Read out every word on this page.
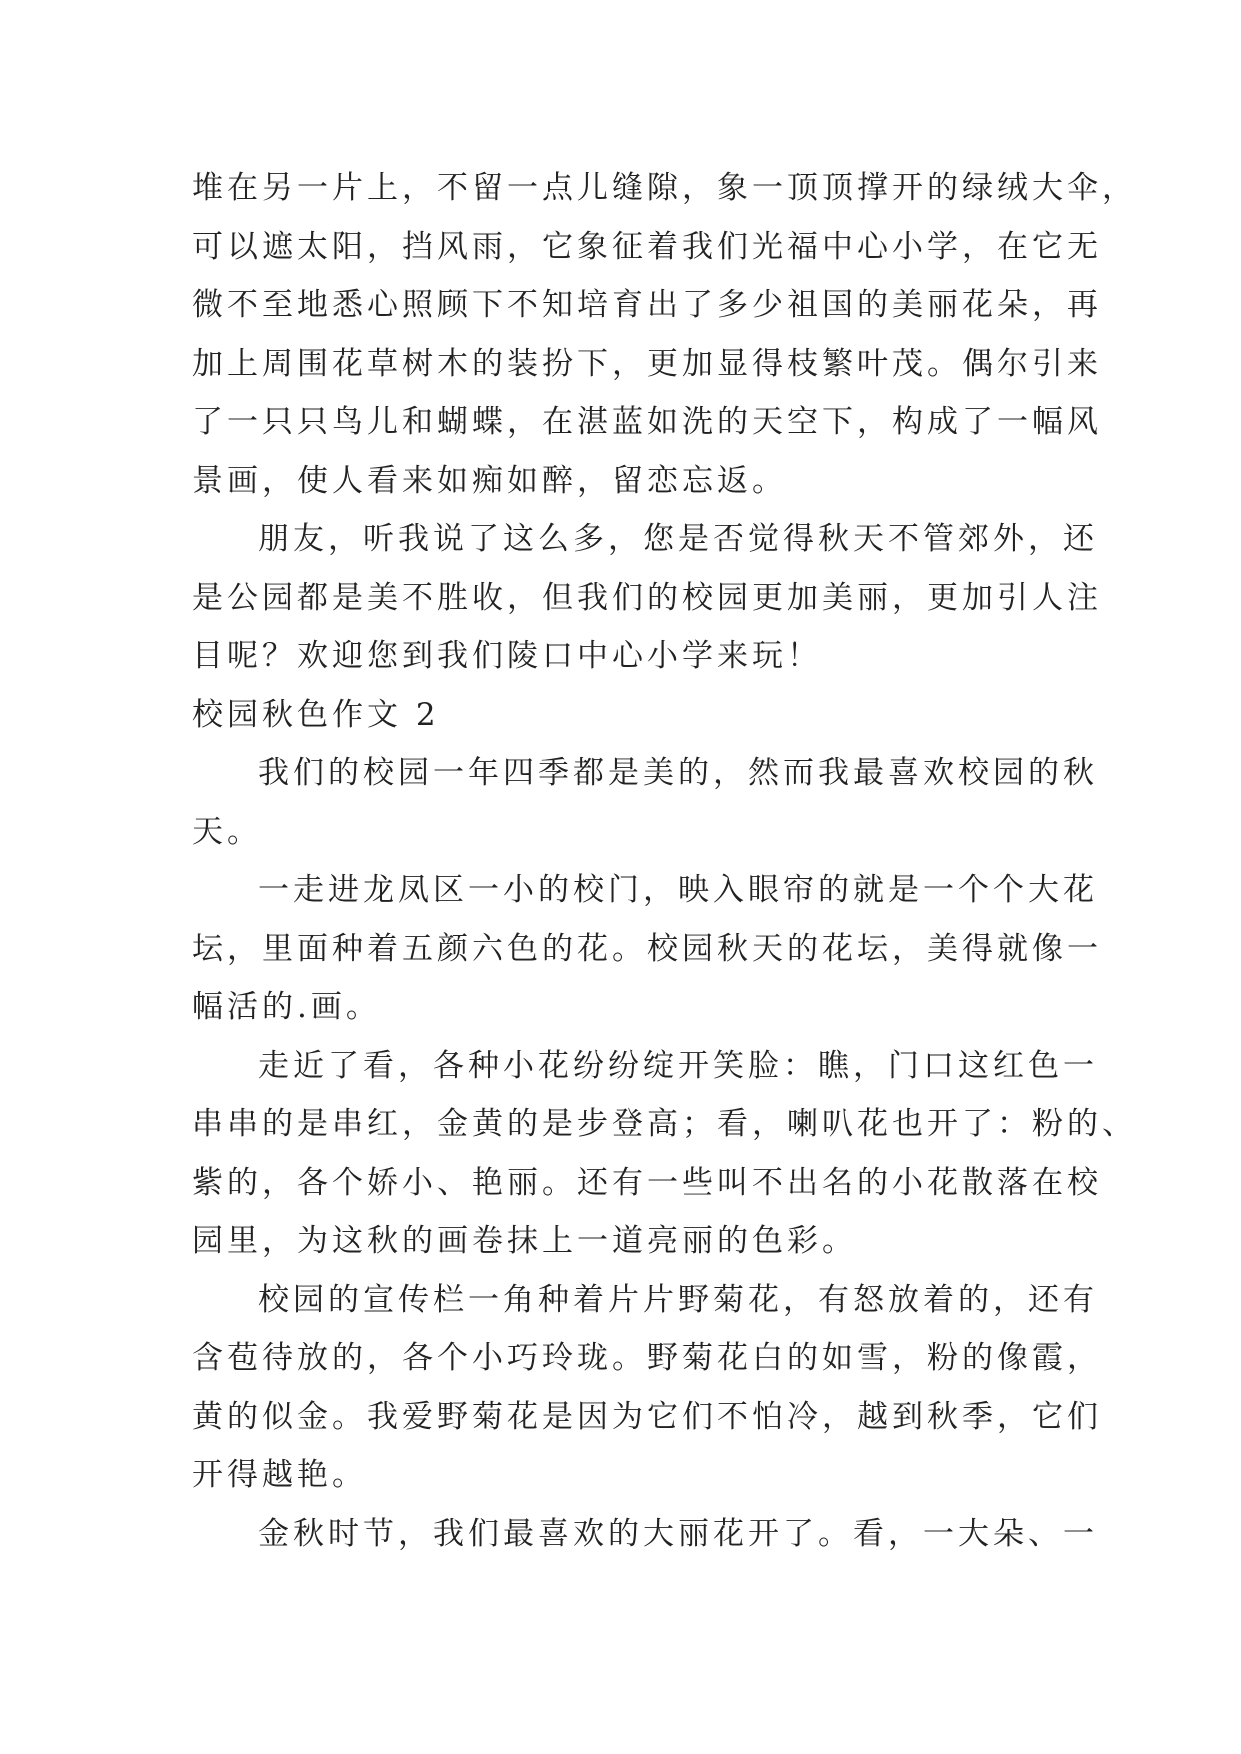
堆在另一片上，不留一点儿缝隙，象一顶顶撑开的绿绒大伞，
可以遮太阳，挡风雨，它象征着我们光福中心小学，在它无
微不至地悉心照顾下不知培育出了多少祖国的美丽花朵，再
加上周围花草树木的装扮下，更加显得枝繁叶茂。偶尔引来
了一只只鸟儿和蝴蝶，在湛蓝如洗的天空下，构成了一幅风
景画，使人看来如痴如醉，留恋忘返。
朋友，听我说了这么多，您是否觉得秋天不管郊外，还
是公园都是美不胜收，但我们的校园更加美丽，更加引人注
目呢？欢迎您到我们陵口中心小学来玩！
校园秋色作文 2
我们的校园一年四季都是美的，然而我最喜欢校园的秋
天。
一走进龙凤区一小的校门，映入眼帘的就是一个个大花
坛，里面种着五颜六色的花。校园秋天的花坛，美得就像一
幅活的.画。
走近了看，各种小花纷纷绽开笑脸：瞧，门口这红色一
串串的是串红，金黄的是步登高；看，喇叭花也开了：粉的、
紫的，各个娇小、艳丽。还有一些叫不出名的小花散落在校
园里，为这秋的画卷抹上一道亮丽的色彩。
校园的宣传栏一角种着片片野菊花，有怒放着的，还有
含苞待放的，各个小巧玲珑。野菊花白的如雪，粉的像霞，
黄的似金。我爱野菊花是因为它们不怕冷，越到秋季，它们
开得越艳。
金秋时节，我们最喜欢的大丽花开了。看，一大朵、一
